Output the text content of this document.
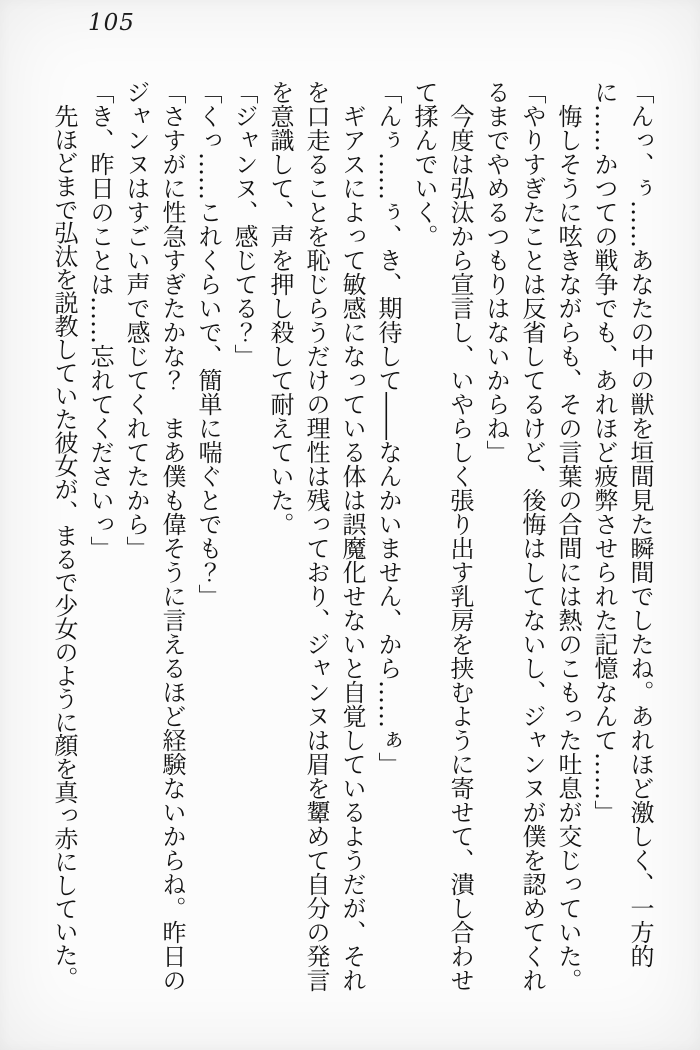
105

「んっ、ぅ……あなたの中の獣を垣間見た瞬間でしたね。あれほど激しく、一方的に……かつての戦争でも、あれほど疲弊させられた記憶なんて……」

悔しそうに呟きながらも、その言葉の合間には熱のこもった吐息が交じっていた。

「やりすぎたことは反省してるけど、後悔はしてないし、ジャンヌが僕を認めてくれるまでやめるつもりはないからね」

今度は弘汰から宣言し、いやらしく張り出す乳房を挟むように寄せて、潰し合わせて揉んでいく。

「んぅ……ぅ、き、期待して――なんかいません、から……ぁ」

ギアスによって敏感になっている体は誤魔化せないと自覚しているようだが、それを口走ることを恥じらうだけの理性は残っており、ジャンヌは眉を顰めて自分の発言を意識して、声を押し殺して耐えていた。

「ジャンヌ、感じてる？」

「くっ……これくらいで、簡単に喘ぐとでも？」

「さすがに性急すぎたかな？　まあ僕も偉そうに言えるほど経験ないからね。昨日のジャンヌはすごい声で感じてくれてたから」

「き、昨日のことは……忘れてくださいっ」

先ほどまで弘汰を説教していた彼女が、まるで少女のように顔を真っ赤にしていた。
